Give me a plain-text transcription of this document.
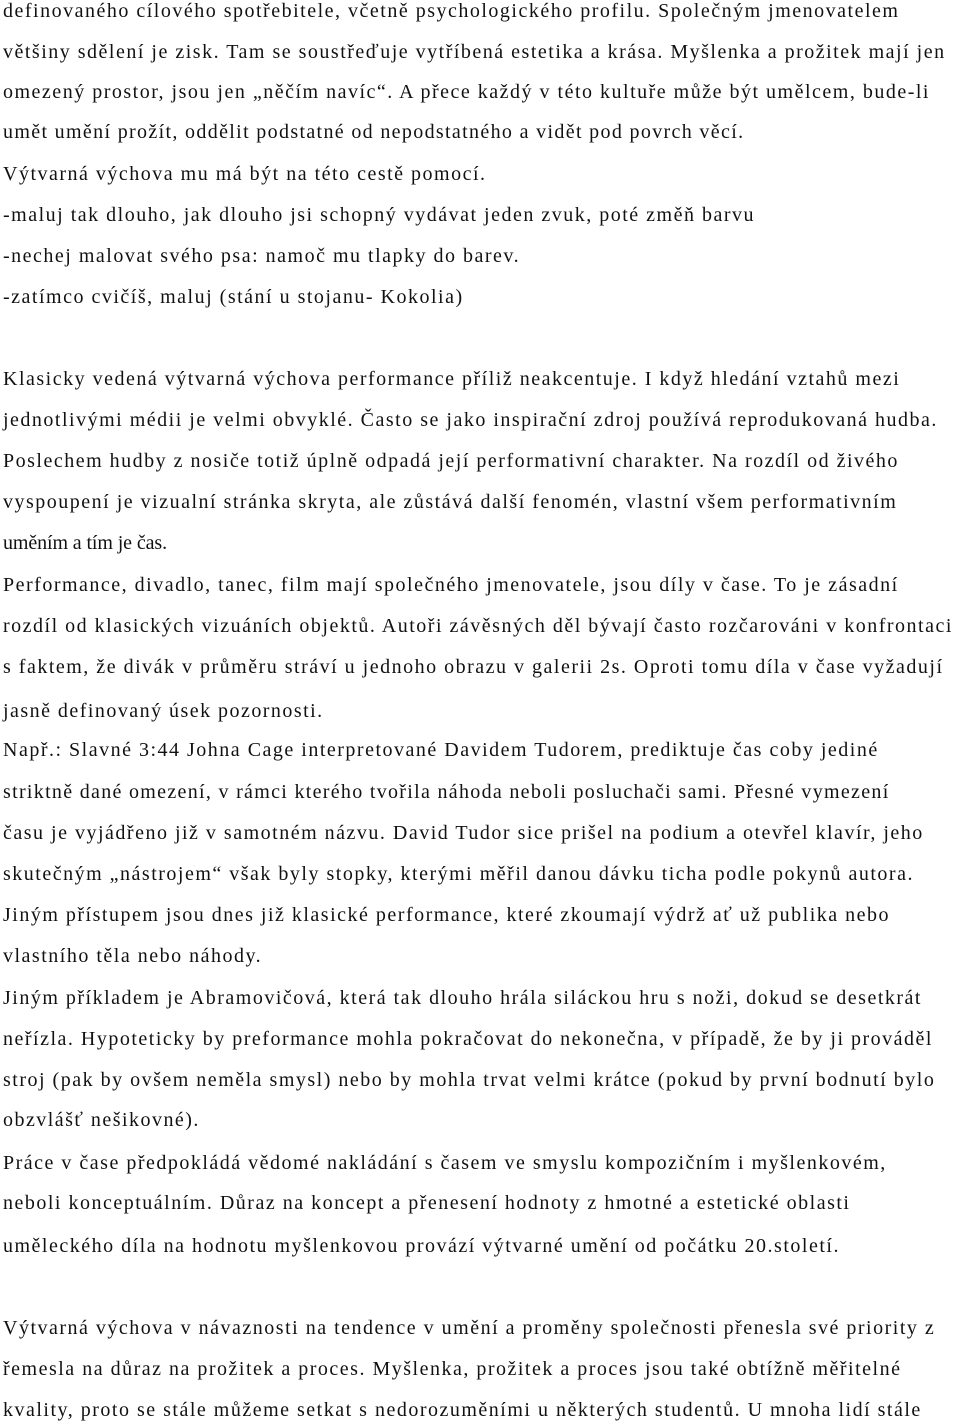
definovaného cílového spotřebitele, včetně psychologického profilu. Společným jmenovatelem
většiny sdělení je zisk. Tam se soustřeďuje vytříbená estetika a krása. Myšlenka a prožitek mají jen
omezený prostor, jsou jen „něčím navíc“. A přece každý v této kultuře může být umělcem, bude-li
umět umění prožít, oddělit podstatné od nepodstatného a vidět pod povrch věcí.
Výtvarná výchova mu má být na této cestě pomocí.
-maluj tak dlouho, jak dlouho jsi schopný vydávat jeden zvuk, poté změň barvu
-nechej malovat svého psa: namoč mu tlapky do barev.
-zatímco cvičíš, maluj (stání u stojanu- Kokolia)
Klasicky vedená výtvarná výchova performance příliž neakcentuje. I když hledání vztahů mezi
jednotlivými médii je velmi obvyklé. Často se jako inspirační zdroj používá reprodukovaná hudba.
Poslechem hudby z nosiče totiž úplně odpadá její performativní charakter. Na rozdíl od živého
vyspoupení je vizualní stránka skryta, ale zůstává další fenomén, vlastní všem performativním
uměním a tím je čas.
Performance, divadlo, tanec, film mají společného jmenovatele, jsou díly v čase. To je zásadní
rozdíl od klasických vizuáních objektů. Autoři závěsných děl bývají často rozčarováni v konfrontaci
s faktem, že divák v průměru stráví u jednoho obrazu v galerii 2s. Oproti tomu díla v čase vyžadují
jasně definovaný úsek pozornosti.
Např.: Slavné 3:44 Johna Cage interpretované Davidem Tudorem, prediktuje čas coby jediné
striktně dané omezení, v rámci kterého tvořila náhoda neboli posluchači sami. Přesné vymezení
času je vyjádřeno již v samotném názvu. David Tudor sice prišel na podium a otevřel klavír, jeho
skutečným „nástrojem“ však byly stopky, kterými měřil danou dávku ticha podle pokynů autora.
Jiným přístupem jsou dnes již klasické performance, které zkoumají výdrž ať už publika nebo
vlastního těla nebo náhody.
Jiným příkladem je Abramovičová, která tak dlouho hrála siláckou hru s noži, dokud se desetkrát
neřízla. Hypoteticky by preformance mohla pokračovat do nekonečna, v případě, že by ji prováděl
stroj (pak by ovšem neměla smysl) nebo by mohla trvat velmi krátce (pokud by první bodnutí bylo
obzvlášť nešikovné).
Práce v čase předpokládá vědomé nakládání s časem ve smyslu kompozičním i myšlenkovém,
neboli konceptuálním. Důraz na koncept a přenesení hodnoty z hmotné a estetické oblasti
uměleckého díla na hodnotu myšlenkovou provází výtvarné umění od počátku 20.století.
Výtvarná výchova v návaznosti na tendence v umění a proměny společnosti přenesla své priority z
řemesla na důraz na prožitek a proces. Myšlenka, prožitek a proces jsou také obtížně měřitelné
kvality, proto se stále můžeme setkat s nedorozuměními u některých studentů. U mnoha lidí stále
